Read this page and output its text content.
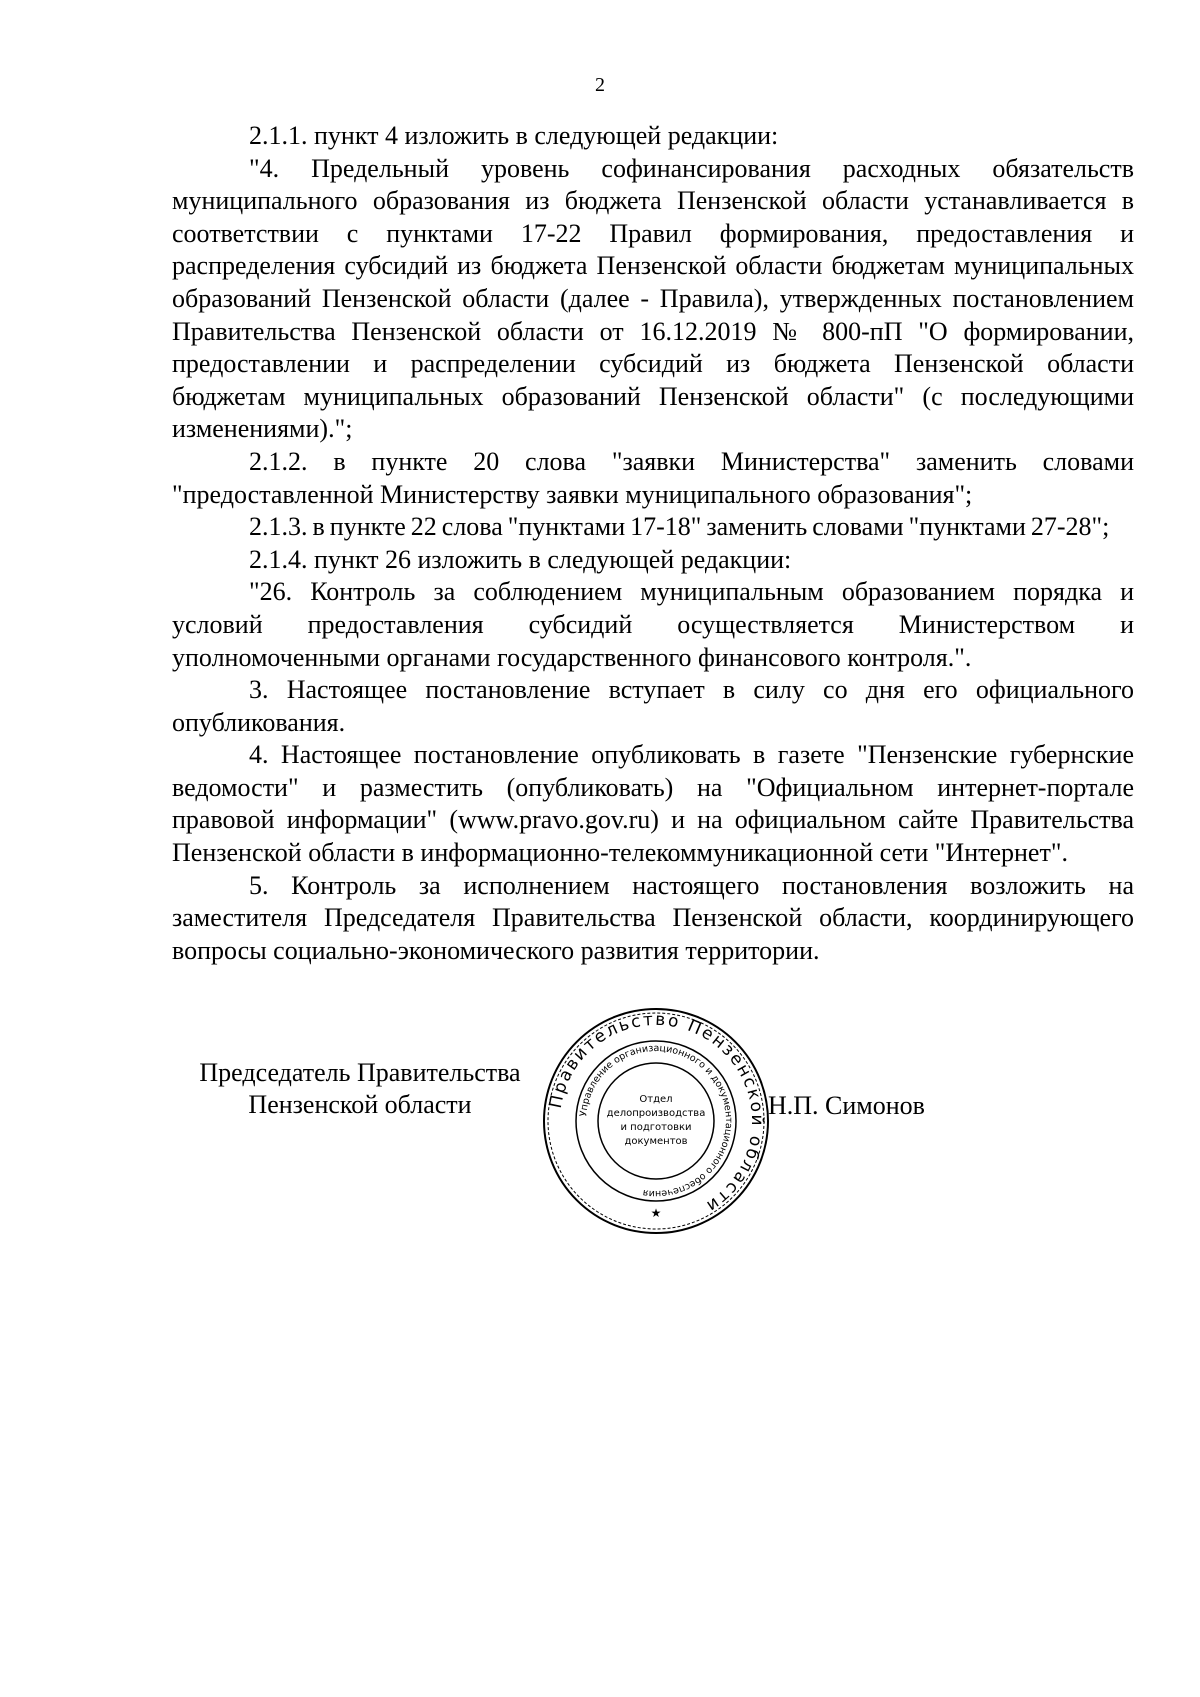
2

2.1.1. пункт 4 изложить в следующей редакции:

"4. Предельный уровень софинансирования расходных обязательств муниципального образования из бюджета Пензенской области устанавливается в соответствии с пунктами 17-22 Правил формирования, предоставления и распределения субсидий из бюджета Пензенской области бюджетам муниципальных образований Пензенской области (далее - Правила), утвержденных постановлением Правительства Пензенской области от 16.12.2019 № 800-пП "О формировании, предоставлении и распределении субсидий из бюджета Пензенской области бюджетам муниципальных образований Пензенской области" (с последующими изменениями).";

2.1.2. в пункте 20 слова "заявки Министерства" заменить словами "предоставленной Министерству заявки муниципального образования";

2.1.3. в пункте 22 слова "пунктами 17-18" заменить словами "пунктами 27-28";

2.1.4. пункт 26 изложить в следующей редакции:

"26. Контроль за соблюдением муниципальным образованием порядка и условий предоставления субсидий осуществляется Министерством и уполномоченными органами государственного финансового контроля.".

3. Настоящее постановление вступает в силу со дня его официального опубликования.

4. Настоящее постановление опубликовать в газете "Пензенские губернские ведомости" и разместить (опубликовать) на "Официальном интернет-портале правовой информации" (www.pravo.gov.ru) и на официальном сайте Правительства Пензенской области в информационно-телекоммуникационной сети "Интернет".

5. Контроль за исполнением настоящего постановления возложить на заместителя Председателя Правительства Пензенской области, координирующего вопросы социально-экономического развития территории.

Председатель Правительства
Пензенской области	Правительство Пензенской области
Управление организационного и документационного обеспечения
Отдел
делопроизводства
и подготовки
документов
★
Н.П. Симонов
